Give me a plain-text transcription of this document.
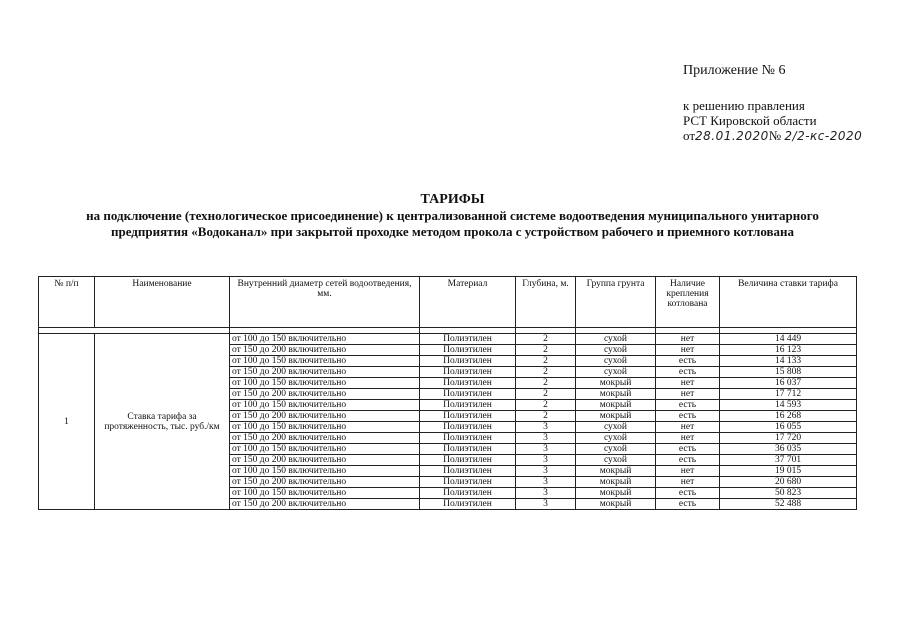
Приложение № 6
к решению правления
РСТ Кировской области
от28.01.2020№ 2/2-кс-2020
ТАРИФЫ
на подключение (технологическое присоединение) к централизованной системе водоотведения муниципального унитарного предприятия «Водоканал» при закрытой проходке методом прокола с устройством рабочего и приемного котлована
№ п/п	Наименование	Внутренний диаметр сетей водоотведения, мм.	Материал	Глубина, м.	Группа грунта	Наличие крепления котлована	Величина ставки тарифа

1	Ставка тарифа за протяженность, тыс. руб./км	от 100 до 150 включительно	Полиэтилен	2	сухой	нет	14 449
		от 150 до 200 включительно	Полиэтилен	2	сухой	нет	16 123
		от 100 до 150 включительно	Полиэтилен	2	сухой	есть	14 133
		от 150 до 200 включительно	Полиэтилен	2	сухой	есть	15 808
		от 100 до 150 включительно	Полиэтилен	2	мокрый	нет	16 037
		от 150 до 200 включительно	Полиэтилен	2	мокрый	нет	17 712
		от 100 до 150 включительно	Полиэтилен	2	мокрый	есть	14 593
		от 150 до 200 включительно	Полиэтилен	2	мокрый	есть	16 268
		от 100 до 150 включительно	Полиэтилен	3	сухой	нет	16 055
		от 150 до 200 включительно	Полиэтилен	3	сухой	нет	17 720
		от 100 до 150 включительно	Полиэтилен	3	сухой	есть	36 035
		от 150 до 200 включительно	Полиэтилен	3	сухой	есть	37 701
		от 100 до 150 включительно	Полиэтилен	3	мокрый	нет	19 015
		от 150 до 200 включительно	Полиэтилен	3	мокрый	нет	20 680
		от 100 до 150 включительно	Полиэтилен	3	мокрый	есть	50 823
		от 150 до 200 включительно	Полиэтилен	3	мокрый	есть	52 488
